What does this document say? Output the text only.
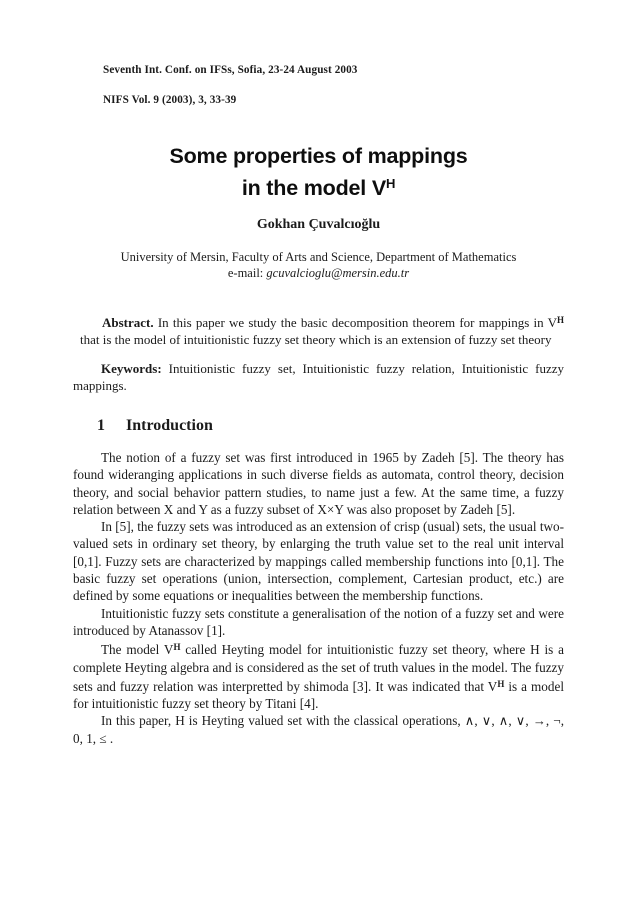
Seventh Int. Conf. on IFSs, Sofia, 23-24 August 2003
NIFS Vol. 9 (2003), 3, 33-39
Some properties of mappings
in the model $V^H$
Gokhan Çuvalcıoğlu
University of Mersin, Faculty of Arts and Science, Department of Mathematics
e-mail: gcuvalcioglu@mersin.edu.tr
Abstract. In this paper we study the basic decomposition theorem for mappings in $V^H$ that is the model of intuitionistic fuzzy set theory which is an extension of fuzzy set theory
Keywords: Intuitionistic fuzzy set, Intuitionistic fuzzy relation, Intuitionistic fuzzy mappings.
1 Introduction

The notion of a fuzzy set was first introduced in 1965 by Zadeh [5]. The theory has found wideranging applications in such diverse fields as automata, control theory, decision theory, and social behavior pattern studies, to name just a few. At the same time, a fuzzy relation between X and Y as a fuzzy subset of X×Y was also proposet by Zadeh [5].

In [5], the fuzzy sets was introduced as an extension of crisp (usual) sets, the usual two-valued sets in ordinary set theory, by enlarging the truth value set to the real unit interval [0,1]. Fuzzy sets are characterized by mappings called membership functions into [0,1]. The basic fuzzy set operations (union, intersection, complement, Cartesian product, etc.) are defined by some equations or inequalities between the membership functions.

Intuitionistic fuzzy sets constitute a generalisation of the notion of a fuzzy set and were introduced by Atanassov [1].

The model $V^H$ called Heyting model for intuitionistic fuzzy set theory, where H is a complete Heyting algebra and is considered as the set of truth values in the model. The fuzzy sets and fuzzy relation was interpretted by shimoda [3]. It was indicated that $V^H$ is a model for intuitionistic fuzzy set theory by Titani [4].

In this paper, H is Heyting valued set with the classical operations, ∧, ∨, ∧, ∨, →, ¬, 0, 1, ≤ .
